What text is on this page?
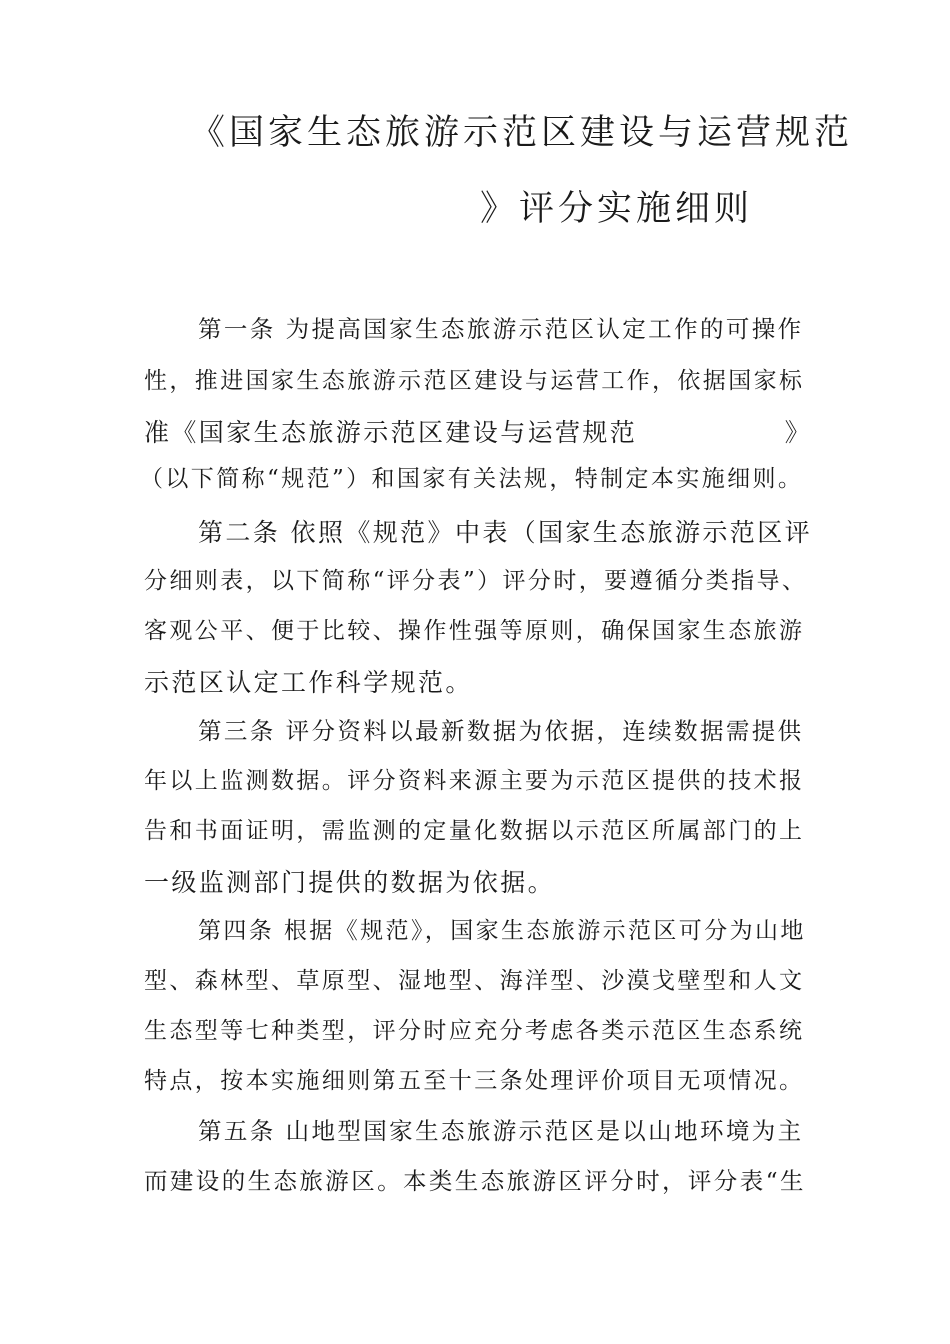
《国家生态旅游示范区建设与运营规范
》评分实施细则
第一条 为提高国家生态旅游示范区认定工作的可操作
性，推进国家生态旅游示范区建设与运营工作，依据国家标
准《国家生态旅游示范区建设与运营规范	》
（以下简称“规范”）和国家有关法规，特制定本实施细则。
第二条 依照《规范》中表 （国家生态旅游示范区评
分细则表，以下简称“评分表”）评分时，要遵循分类指导、
客观公平、便于比较、操作性强等原则，确保国家生态旅游
示范区认定工作科学规范。
第三条 评分资料以最新数据为依据，连续数据需提供
年以上监测数据。评分资料来源主要为示范区提供的技术报
告和书面证明，需监测的定量化数据以示范区所属部门的上
一级监测部门提供的数据为依据。
第四条 根据《规范》，国家生态旅游示范区可分为山地
型、森林型、草原型、湿地型、海洋型、沙漠戈壁型和人文
生态型等七种类型，评分时应充分考虑各类示范区生态系统
特点，按本实施细则第五至十三条处理评价项目无项情况。
第五条 山地型国家生态旅游示范区是以山地环境为主
而建设的生态旅游区。本类生态旅游区评分时，评分表“生
